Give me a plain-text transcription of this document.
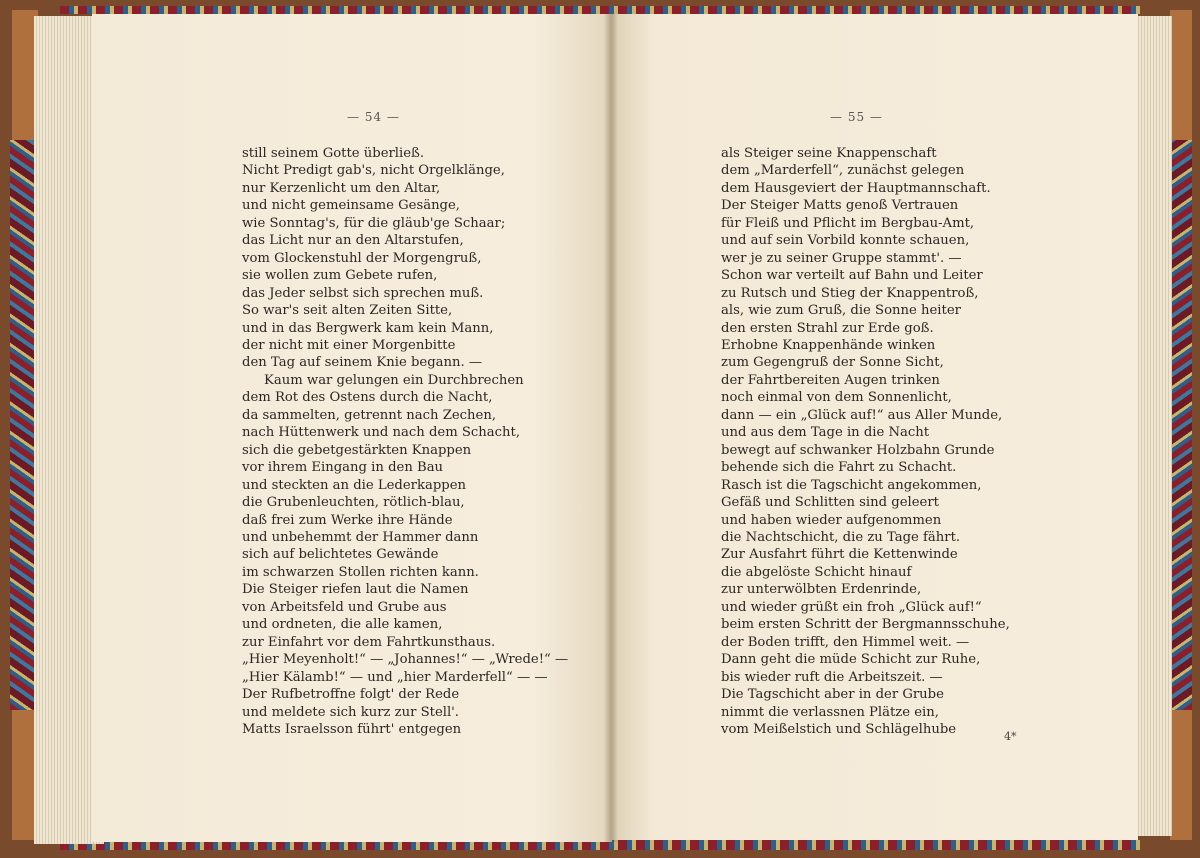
— 54 —	— 55 —
still seinem Gotte überließ.
Nicht Predigt gab's, nicht Orgelklänge,
nur Kerzenlicht um den Altar,
und nicht gemeinsame Gesänge,
wie Sonntag's, für die gläub'ge Schaar;
das Licht nur an den Altarstufen,
vom Glockenstuhl der Morgengruß,
sie wollen zum Gebete rufen,
das Jeder selbst sich sprechen muß.
So war's seit alten Zeiten Sitte,
und in das Bergwerk kam kein Mann,
der nicht mit einer Morgenbitte
den Tag auf seinem Knie begann. —
Kaum war gelungen ein Durchbrechen
dem Rot des Ostens durch die Nacht,
da sammelten, getrennt nach Zechen,
nach Hüttenwerk und nach dem Schacht,
sich die gebetgestärkten Knappen
vor ihrem Eingang in den Bau
und steckten an die Lederkappen
die Grubenleuchten, rötlich-blau,
daß frei zum Werke ihre Hände
und unbehemmt der Hammer dann
sich auf belichtetes Gewände
im schwarzen Stollen richten kann.
Die Steiger riefen laut die Namen
von Arbeitsfeld und Grube aus
und ordneten, die alle kamen,
zur Einfahrt vor dem Fahrtkunsthaus.
„Hier Meyenholt!“ — „Johannes!“ — „Wrede!“ —
„Hier Kälamb!“ — und „hier Marderfell“ — —
Der Rufbetroffne folgt' der Rede
und meldete sich kurz zur Stell'.
Matts Israelsson führt' entgegen
als Steiger seine Knappenschaft
dem „Marderfell“, zunächst gelegen
dem Hausgeviert der Hauptmannschaft.
Der Steiger Matts genoß Vertrauen
für Fleiß und Pflicht im Bergbau-Amt,
und auf sein Vorbild konnte schauen,
wer je zu seiner Gruppe stammt'. —
Schon war verteilt auf Bahn und Leiter
zu Rutsch und Stieg der Knappentroß,
als, wie zum Gruß, die Sonne heiter
den ersten Strahl zur Erde goß.
Erhobne Knappenhände winken
zum Gegengruß der Sonne Sicht,
der Fahrtbereiten Augen trinken
noch einmal von dem Sonnenlicht,
dann — ein „Glück auf!“ aus Aller Munde,
und aus dem Tage in die Nacht
bewegt auf schwanker Holzbahn Grunde
behende sich die Fahrt zu Schacht.
Rasch ist die Tagschicht angekommen,
Gefäß und Schlitten sind geleert
und haben wieder aufgenommen
die Nachtschicht, die zu Tage fährt.
Zur Ausfahrt führt die Kettenwinde
die abgelöste Schicht hinauf
zur unterwölbten Erdenrinde,
und wieder grüßt ein froh „Glück auf!“
beim ersten Schritt der Bergmannsschuhe,
der Boden trifft, den Himmel weit. —
Dann geht die müde Schicht zur Ruhe,
bis wieder ruft die Arbeitszeit. —
Die Tagschicht aber in der Grube
nimmt die verlassnen Plätze ein,
vom Meißelstich und Schlägelhube	4*
